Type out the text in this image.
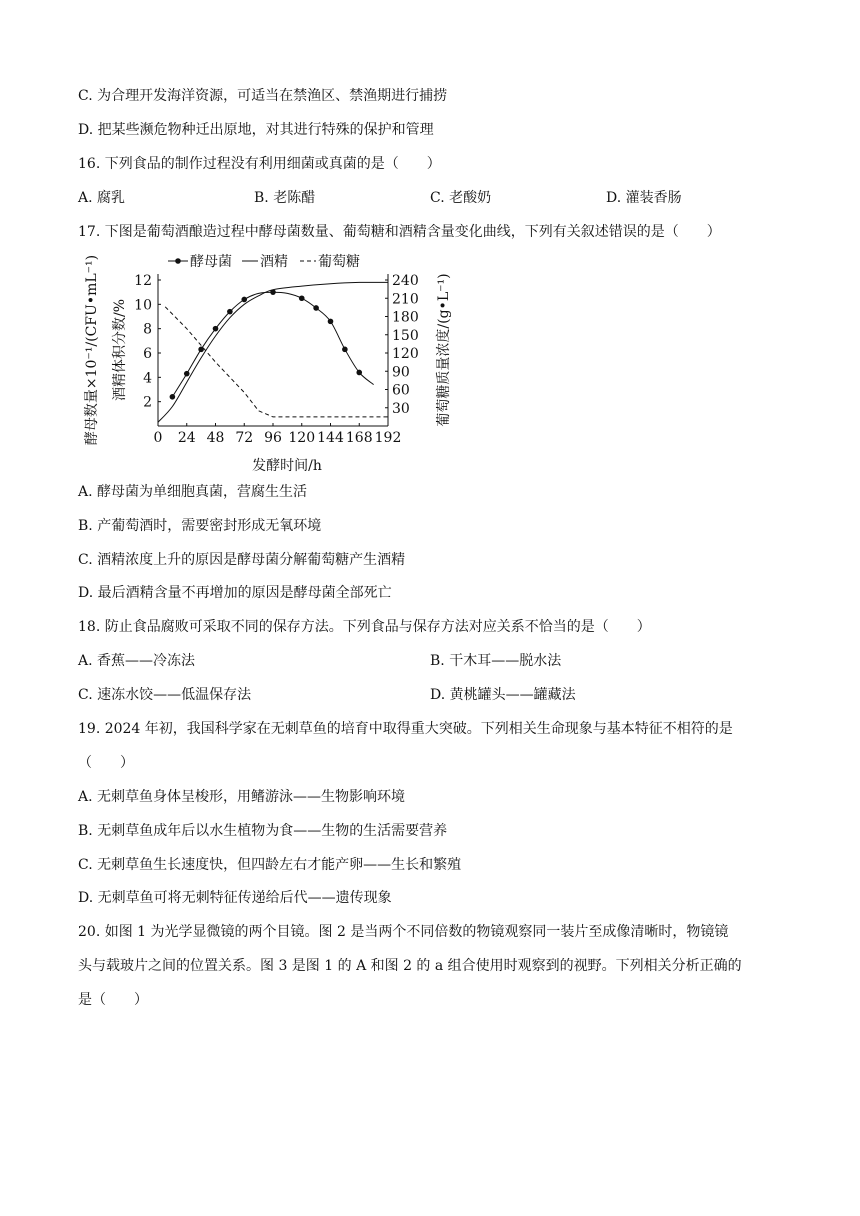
C. 为合理开发海洋资源，可适当在禁渔区、禁渔期进行捕捞
D. 把某些濒危物种迁出原地，对其进行特殊的保护和管理
16. 下列食品的制作过程没有利用细菌或真菌的是（　　）
A. 腐乳	B. 老陈醋	C. 老酸奶	D. 灌装香肠
17. 下图是葡萄酒酿造过程中酵母菌数量、葡萄糖和酒精含量变化曲线，下列有关叙述错误的是（　　）
酵母菌 酒精 葡萄糖
0 24 48 72 96 120 144 168 192
2
4
6
8
10
12
30
60
90
120
150
180
210
240
酵母数量×10⁻¹/(CFU•mL⁻¹) 酒精体积分数/%	葡萄糖质量浓度/(g•L⁻¹)
发酵时间/h
A. 酵母菌为单细胞真菌，营腐生生活
B. 产葡萄酒时，需要密封形成无氧环境
C. 酒精浓度上升的原因是酵母菌分解葡萄糖产生酒精
D. 最后酒精含量不再增加的原因是酵母菌全部死亡
18. 防止食品腐败可采取不同的保存方法。下列食品与保存方法对应关系不恰当的是（　　）
A. 香蕉——冷冻法	B. 干木耳——脱水法
C. 速冻水饺——低温保存法	D. 黄桃罐头——罐藏法
19. 2024 年初，我国科学家在无刺草鱼的培育中取得重大突破。下列相关生命现象与基本特征不相符的是
（　　）
A. 无刺草鱼身体呈梭形，用鳍游泳——生物影响环境
B. 无刺草鱼成年后以水生植物为食——生物的生活需要营养
C. 无刺草鱼生长速度快，但四龄左右才能产卵——生长和繁殖
D. 无刺草鱼可将无刺特征传递给后代——遗传现象
20. 如图 1 为光学显微镜的两个目镜。图 2 是当两个不同倍数的物镜观察同一装片至成像清晰时，物镜镜
头与载玻片之间的位置关系。图 3 是图 1 的 A 和图 2 的 a 组合使用时观察到的视野。下列相关分析正确的
是（　　）
